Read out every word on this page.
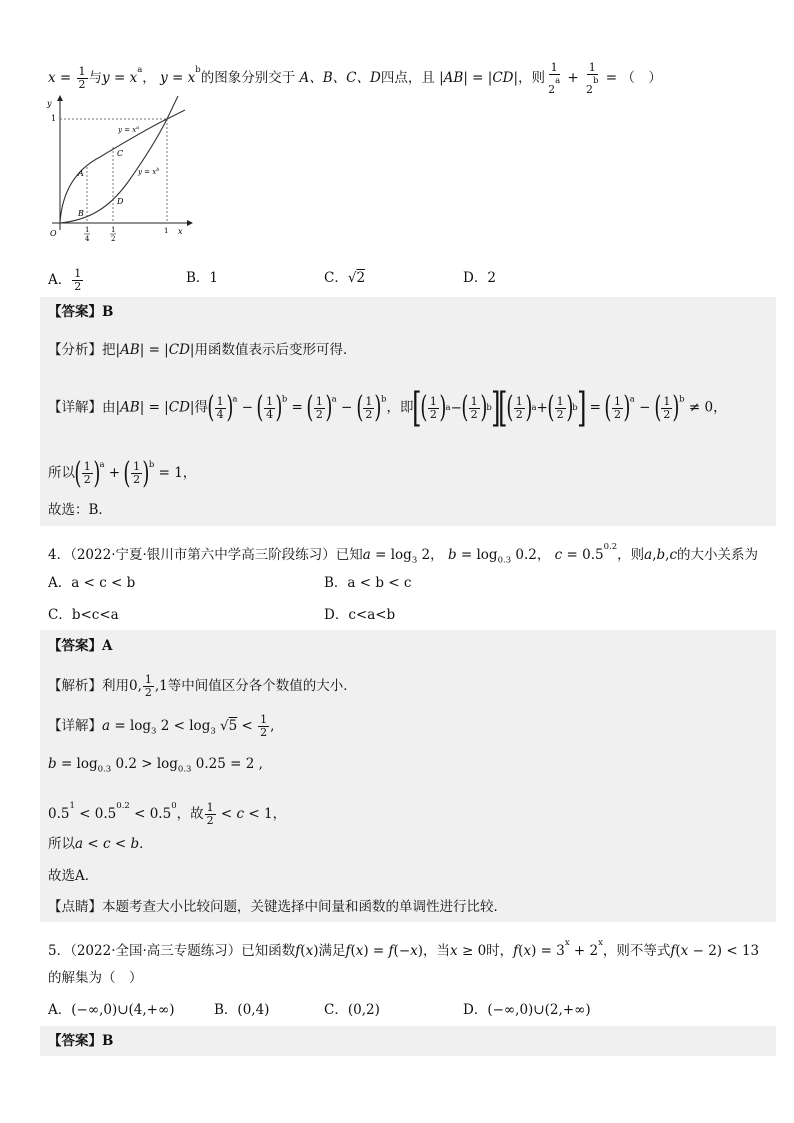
$x = \frac{1}{2}$ 与$y = x^a$， $y = x^b$的图象分别交于 A、B、C、D四点，且 |AB| = |CD|，则 $\frac{1}{2^a} + \frac{1}{2^b}$ = （　）
y
x
O
1
1
4
1
2
1
$y = x^a$
$y = x^b$
A
B
C
D
A． $\frac{1}{2}$	B．1	C．√2	D．2
【答案】B
【分析】把|AB| = |CD|用函数值表示后变形可得．
【详解】由|AB| = |CD|得 ( $\frac{1}{4}$ ) $^a$ − ( $\frac{1}{4}$ ) $^b$ = ( $\frac{1}{2}$ ) $^a$ − ( $\frac{1}{2}$ ) $^b$，即 [
( $\frac{1}{2}$ ) a − ( $\frac{1}{2}$ ) b ]
[
( $\frac{1}{2}$ ) a + ( $\frac{1}{2}$ ) b ] = ( $\frac{1}{2}$ ) $^a$ − ( $\frac{1}{2}$ ) $^b$ ≠ 0，
所以 ( $\frac{1}{2}$ ) $^a$ + ( $\frac{1}{2}$ ) $^b$ = 1，
故选：B．
4．（2022·宁夏·银川市第六中学高三阶段练习）已知$a = \log_3 2$， $b = \log_{0.3} 0.2$， $c = 0.5^{0.2}$，则a,b,c的大小关系为
A．a < c < b	B．a < b < c
C．b<c<a	D．c<a<b
【答案】A
【解析】利用0, $\frac{1}{2} ,1$等中间值区分各个数值的大小．
【详解】$a = \log_3 2 < \log_3 √5 < \frac{1}{2}$ ,
$b = \log_{0.3} 0.2 > \log_{0.3} 0.25 = 2$ ,
$0.5^1 < 0.5^{0.2} < 0.5^0$，故 $\frac{1}{2} < c < 1$，
所以a < c < b．
故选A．
【点睛】本题考查大小比较问题，关键选择中间量和函数的单调性进行比较．
5．（2022·全国·高三专题练习）已知函数f(x)满足f(x) = f(−x)，当x ≥ 0时，$f(x) = 3^x + 2^x$，则不等式f(x − 2) < 13
的解集为（　）
A．(−∞,0)∪(4,+∞)	B．(0,4)	C．(0,2)	D．(−∞,0)∪(2,+∞)
【答案】B
